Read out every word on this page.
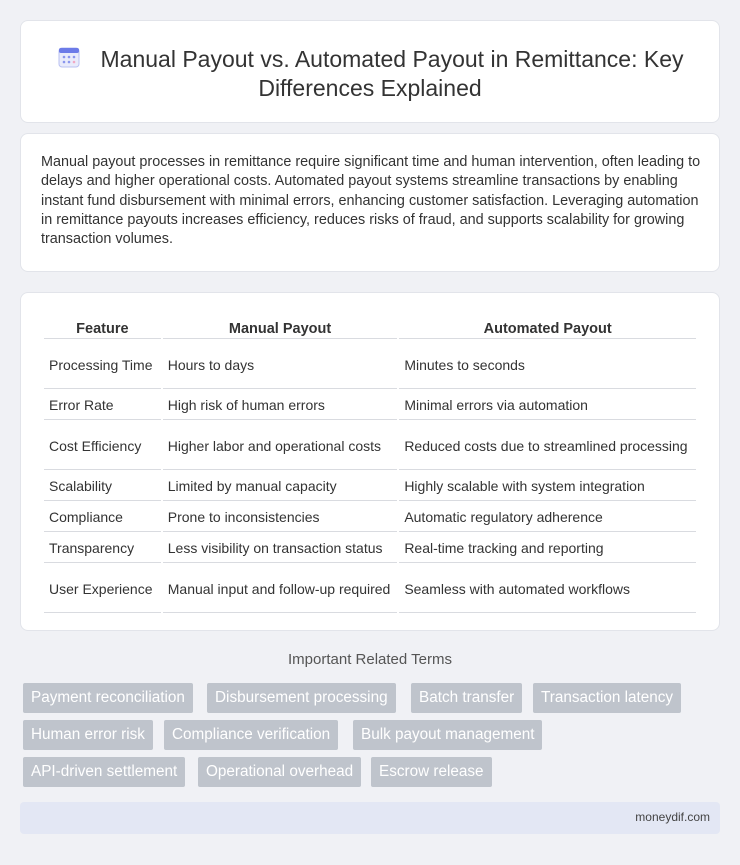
Manual Payout vs. Automated Payout in Remittance: Key Differences Explained

Manual payout processes in remittance require significant time and human intervention, often leading to delays and higher operational costs. Automated payout systems streamline transactions by enabling instant fund disbursement with minimal errors, enhancing customer satisfaction. Leveraging automation in remittance payouts increases efficiency, reduces risks of fraud, and supports scalability for growing transaction volumes.

Feature	Manual Payout	Automated Payout
Processing Time	Hours to days	Minutes to seconds
Error Rate	High risk of human errors	Minimal errors via automation
Cost Efficiency	Higher labor and operational costs	Reduced costs due to streamlined processing
Scalability	Limited by manual capacity	Highly scalable with system integration
Compliance	Prone to inconsistencies	Automatic regulatory adherence
Transparency	Less visibility on transaction status	Real-time tracking and reporting
User Experience	Manual input and follow-up required	Seamless with automated workflows
Important Related Terms
Payment reconciliation	Disbursement processing	Batch transfer	Transaction latency
Human error risk	Compliance verification	Bulk payout management
API-driven settlement	Operational overhead	Escrow release
moneydif.com
